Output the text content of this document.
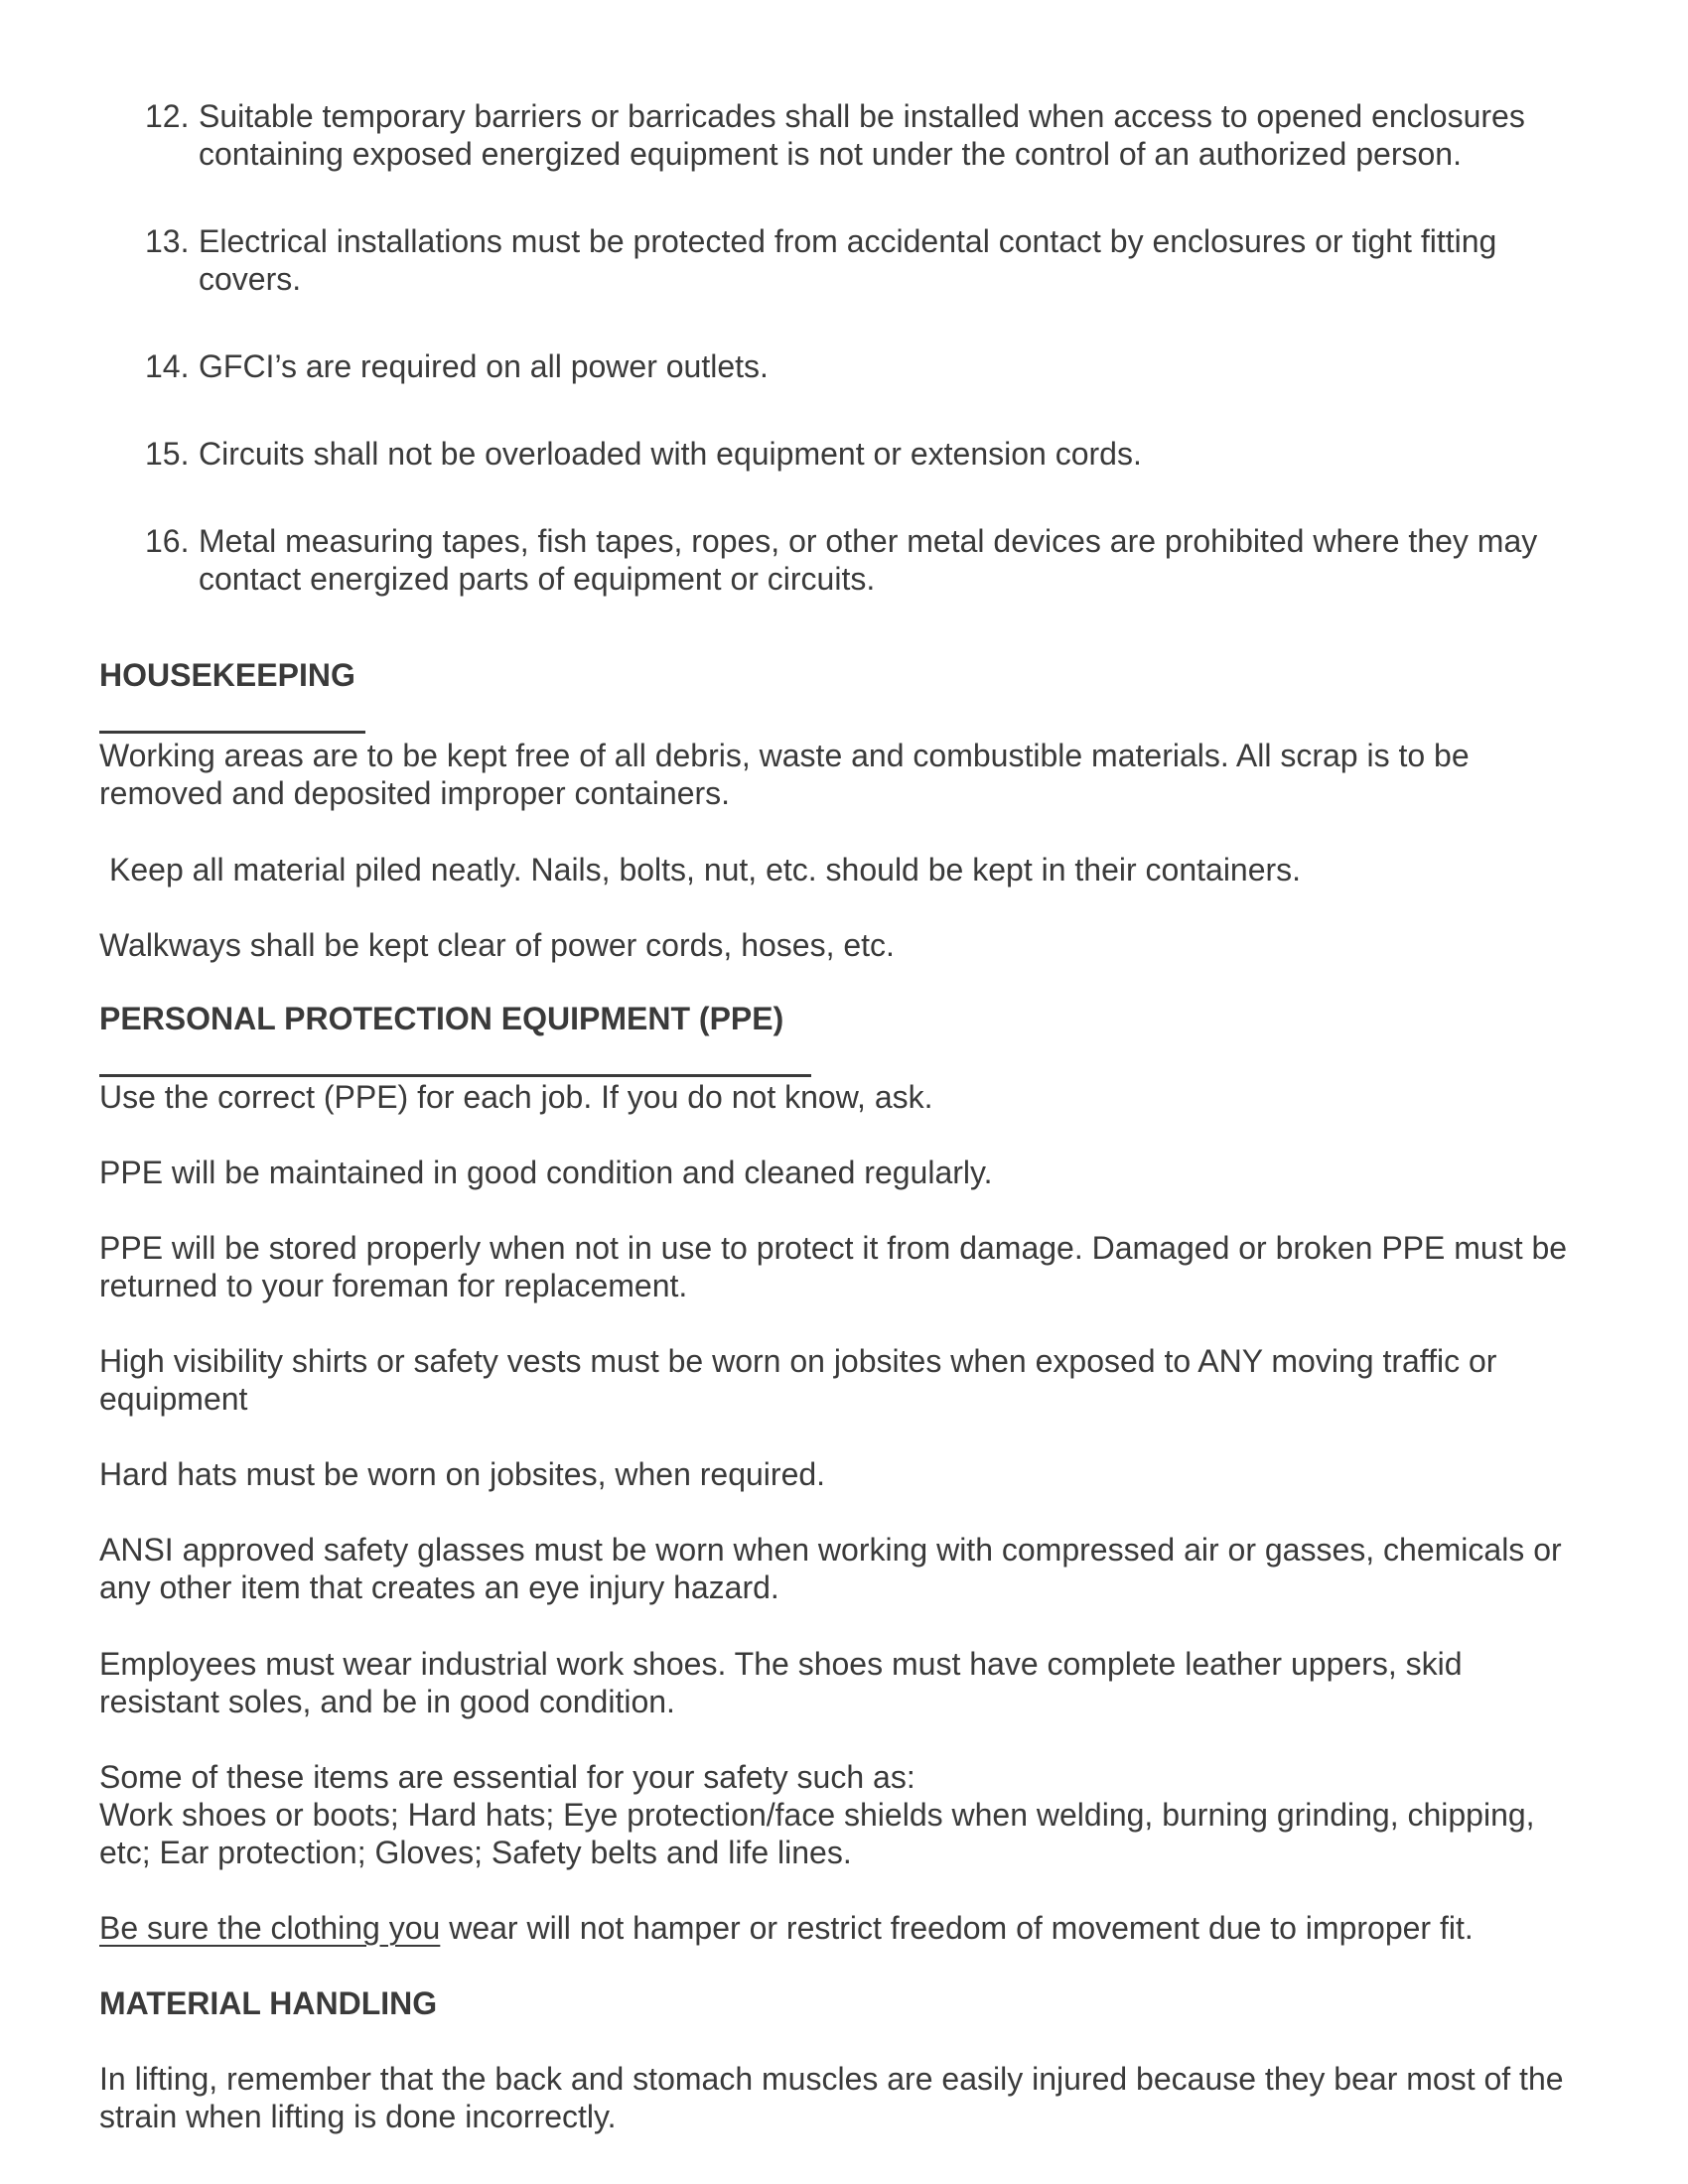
12 . Suitable temporary barriers or barricades shall be installed when access to opened enclosures containing exposed energized equipment is not under the control of an authorized person.
13 . Electrical installations must be protected from accidental contact by enclosures or tight fitting covers.
14 . GFCI’s are required on all power outlets.
15 . Circuits shall not be overloaded with equipment or extension cords.
16 . Metal measuring tapes, fish tapes, ropes, or other metal devices are prohibited where they may contact energized parts of equipment or circuits.
HOUSEKEEPING

Working areas are to be kept free of all debris, waste and combustible materials. All scrap is to be removed and deposited improper containers.

Keep all material piled neatly. Nails, bolts, nut, etc. should be kept in their containers.

Walkways shall be kept clear of power cords, hoses, etc.

PERSONAL PROTECTION EQUIPMENT (PPE)

Use the correct (PPE) for each job. If you do not know, ask.

PPE will be maintained in good condition and cleaned regularly.

PPE will be stored properly when not in use to protect it from damage. Damaged or broken PPE must be returned to your foreman for replacement.

High visibility shirts or safety vests must be worn on jobsites when exposed to ANY moving traffic or equipment

Hard hats must be worn on jobsites, when required.

ANSI approved safety glasses must be worn when working with compressed air or gasses, chemicals or any other item that creates an eye injury hazard.

Employees must wear industrial work shoes. The shoes must have complete leather uppers, skid resistant soles, and be in good condition.

Some of these items are essential for your safety such as:

Work shoes or boots; Hard hats; Eye protection/face shields when welding, burning grinding, chipping, etc; Ear protection; Gloves; Safety belts and life lines.

Be sure the clothing you wear will not hamper or restrict freedom of movement due to improper fit.

MATERIAL HANDLING

In lifting, remember that the back and stomach muscles are easily injured because they bear most of the strain when lifting is done incorrectly.
